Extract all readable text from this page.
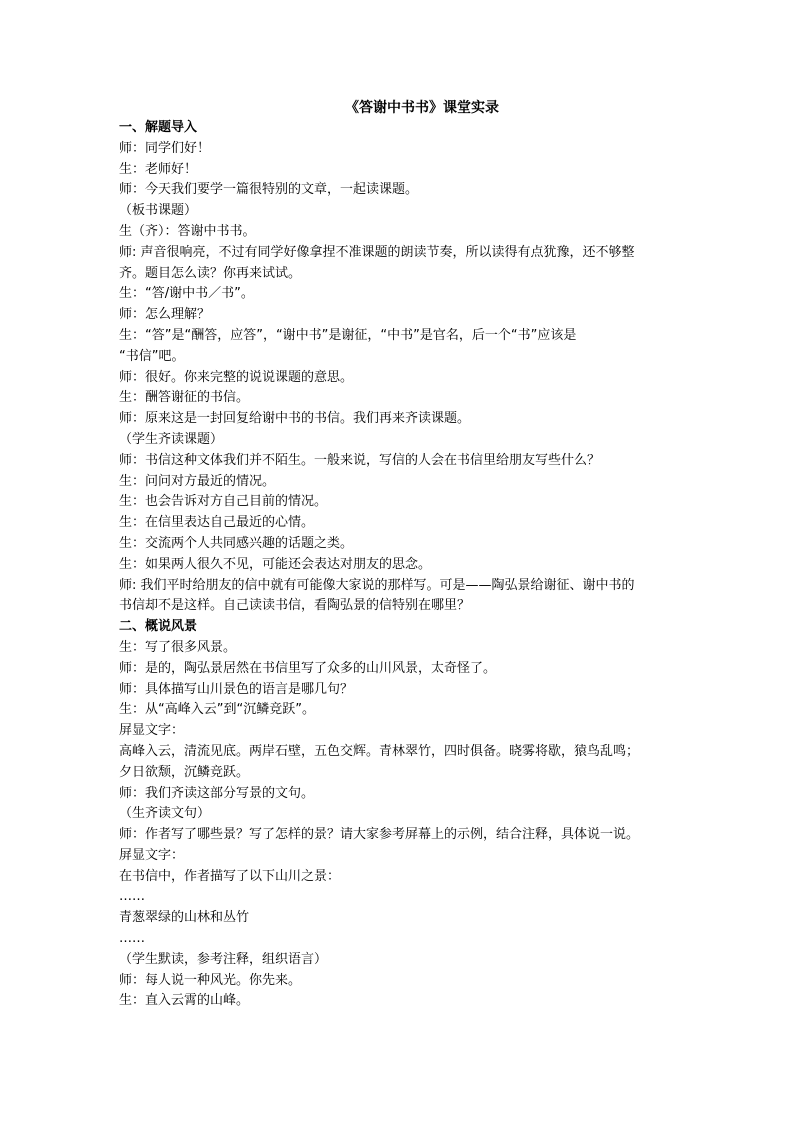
《答谢中书书》课堂实录
一、解题导入
师：同学们好！
生：老师好！
师：今天我们要学一篇很特别的文章，一起读课题。
（板书课题）
生（齐）：答谢中书书。
师: 声音很响亮，不过有同学好像拿捏不准课题的朗读节奏，所以读得有点犹豫，还不够整
齐。题目怎么读？你再来试试。
生：“答/谢中书／书”。
师：怎么理解？
生：“答”是“酬答，应答”，“谢中书”是谢征，“中书”是官名，后一个“书”应该是
“书信”吧。
师：很好。你来完整的说说课题的意思。
生：酬答谢征的书信。
师：原来这是一封回复给谢中书的书信。我们再来齐读课题。
（学生齐读课题）
师：书信这种文体我们并不陌生。一般来说，写信的人会在书信里给朋友写些什么？
生：问问对方最近的情况。
生：也会告诉对方自己目前的情况。
生：在信里表达自己最近的心情。
生：交流两个人共同感兴趣的话题之类。
生：如果两人很久不见，可能还会表达对朋友的思念。
师: 我们平时给朋友的信中就有可能像大家说的那样写。可是——陶弘景给谢征、谢中书的
书信却不是这样。自己读读书信，看陶弘景的信特别在哪里？
二、概说风景
生：写了很多风景。
师：是的，陶弘景居然在书信里写了众多的山川风景，太奇怪了。
师：具体描写山川景色的语言是哪几句？
生：从“高峰入云”到“沉鳞竞跃”。
屏显文字：
高峰入云，清流见底。两岸石壁，五色交辉。青林翠竹，四时俱备。晓雾将歇，猿鸟乱鸣；
夕日欲颓，沉鳞竞跃。
师：我们齐读这部分写景的文句。
（生齐读文句）
师：作者写了哪些景？写了怎样的景？请大家参考屏幕上的示例，结合注释，具体说一说。
屏显文字：
在书信中，作者描写了以下山川之景：
……
青葱翠绿的山林和丛竹
……
（学生默读，参考注释，组织语言）
师：每人说一种风光。你先来。
生：直入云霄的山峰。
